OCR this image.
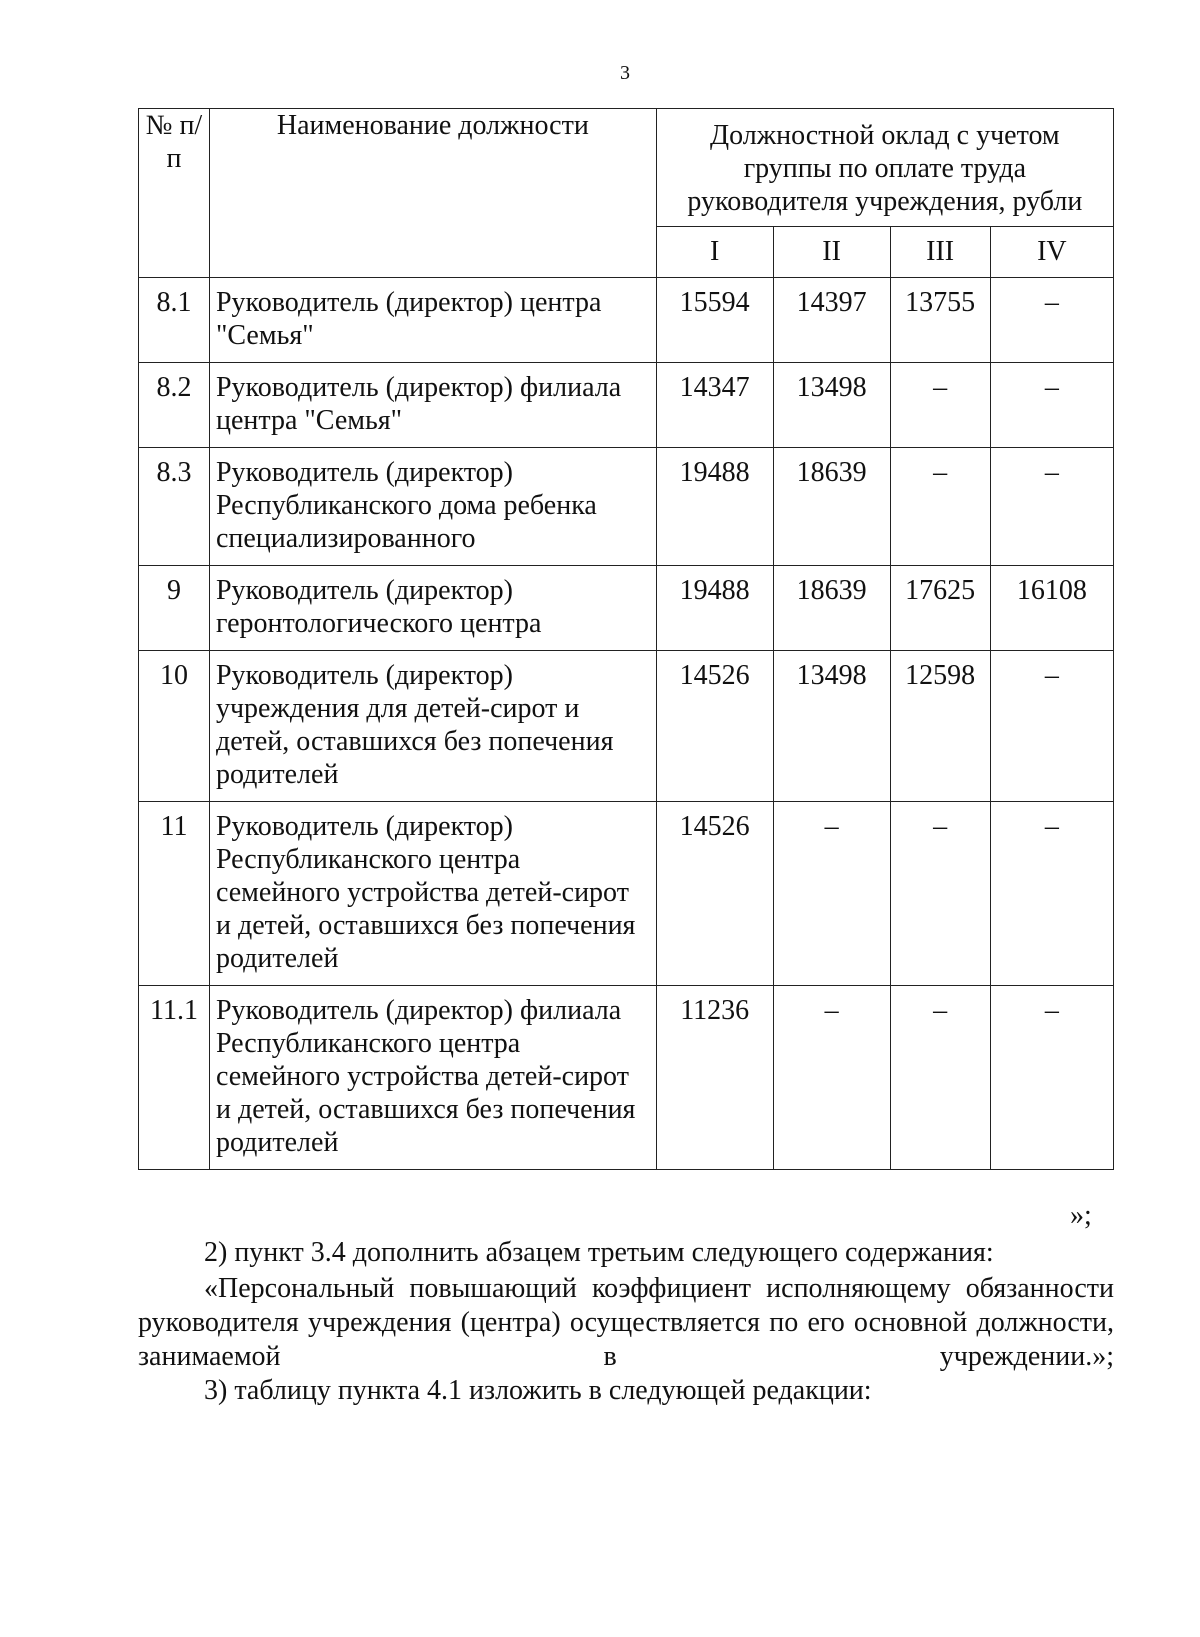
3
№ п/п	Наименование должности	Должностной оклад с учетом группы по оплате труда руководителя учреждения, рубли			
		I	II	III	IV
8.1	Руководитель (директор) центра "Семья"	15594	14397	13755	–
8.2	Руководитель (директор) филиала центра "Семья"	14347	13498	–	–
8.3	Руководитель (директор) Республиканского дома ребенка специализированного	19488	18639	–	–
9	Руководитель (директор) геронтологического центра	19488	18639	17625	16108
10	Руководитель (директор) учреждения для детей-сирот и детей, оставшихся без попечения родителей	14526	13498	12598	–
11	Руководитель (директор) Республиканского центра семейного устройства детей-сирот и детей, оставшихся без попечения родителей	14526	–	–	–
11.1	Руководитель (директор) филиала Республиканского центра семейного устройства детей-сирот и детей, оставшихся без попечения родителей	11236	–	–	–
»;
2) пункт 3.4 дополнить абзацем третьим следующего содержания:
«Персональный повышающий коэффициент исполняющему обязанности руководителя учреждения (центра) осуществляется по его основной должности, занимаемой в учреждении.»;
3) таблицу пункта 4.1 изложить в следующей редакции:
